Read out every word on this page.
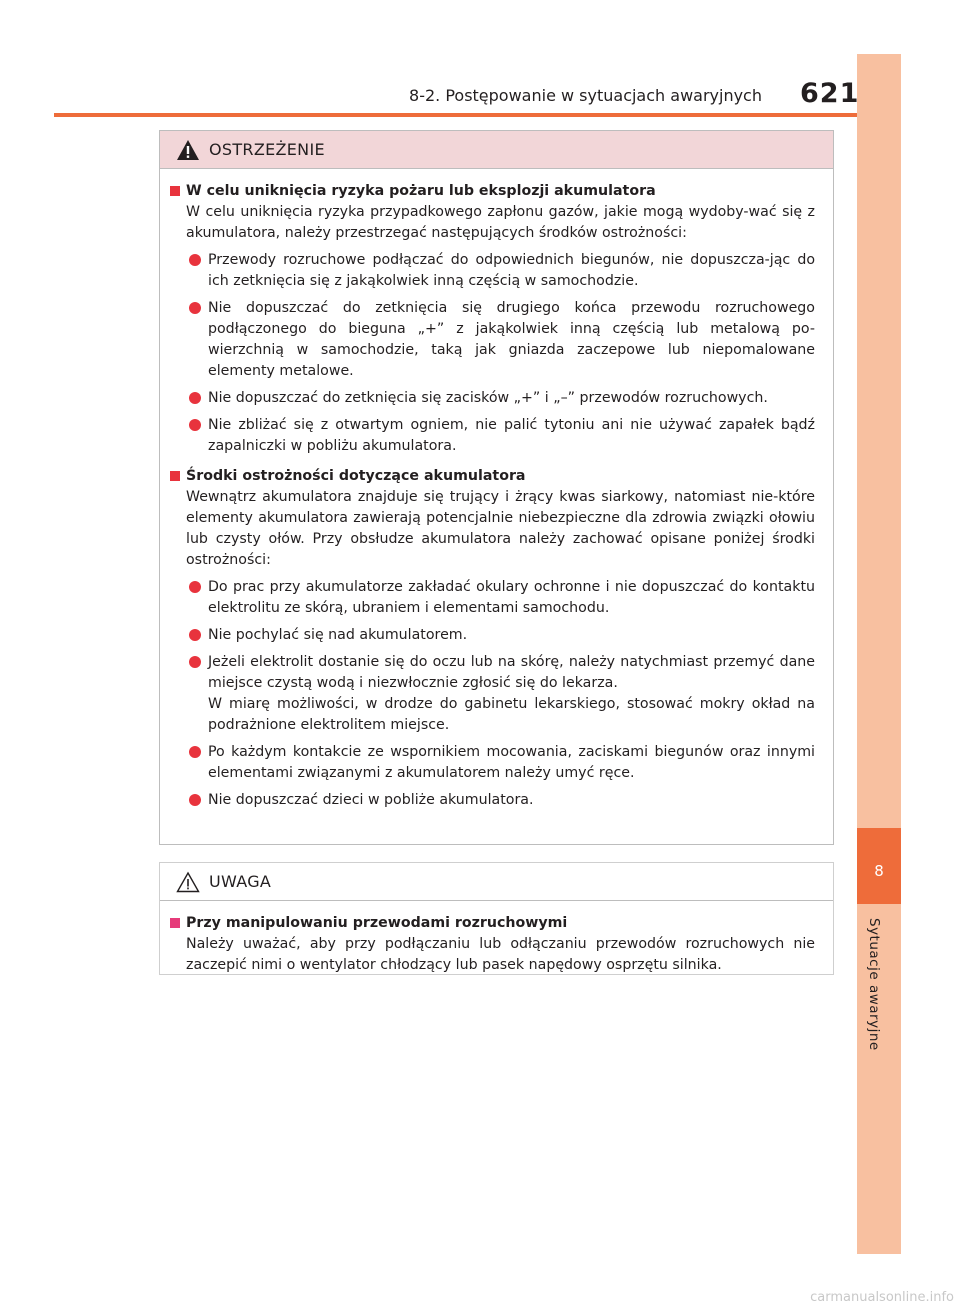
8
Sytuacje awaryjne
8-2. Postępowanie w sytuacjach awaryjnych 621
OSTRZEŻENIE
W celu uniknięcia ryzyka pożaru lub eksplozji akumulatora
W celu uniknięcia ryzyka przypadkowego zapłonu gazów, jakie mogą wydoby-wać się z akumulatora, należy przestrzegać następujących środków ostrożności:
Przewody rozruchowe podłączać do odpowiednich biegunów, nie dopuszcza-jąc do ich zetknięcia się z jakąkolwiek inną częścią w samochodzie.
Nie dopuszczać do zetknięcia się drugiego końca przewodu rozruchowego podłączonego do bieguna „+” z jakąkolwiek inną częścią lub metalową po-wierzchnią w samochodzie, taką jak gniazda zaczepowe lub niepomalowane elementy metalowe.
Nie dopuszczać do zetknięcia się zacisków „+” i „–” przewodów rozruchowych.
Nie zbliżać się z otwartym ogniem, nie palić tytoniu ani nie używać zapałek bądź zapalniczki w pobliżu akumulatora.
Środki ostrożności dotyczące akumulatora
Wewnątrz akumulatora znajduje się trujący i żrący kwas siarkowy, natomiast nie-które elementy akumulatora zawierają potencjalnie niebezpieczne dla zdrowia związki ołowiu lub czysty ołów. Przy obsłudze akumulatora należy zachować opisane poniżej środki ostrożności:
Do prac przy akumulatorze zakładać okulary ochronne i nie dopuszczać do kontaktu elektrolitu ze skórą, ubraniem i elementami samochodu.
Nie pochylać się nad akumulatorem.
Jeżeli elektrolit dostanie się do oczu lub na skórę, należy natychmiast przemyć dane miejsce czystą wodą i niezwłocznie zgłosić się do lekarza.
W miarę możliwości, w drodze do gabinetu lekarskiego, stosować mokry okład na podrażnione elektrolitem miejsce.
Po każdym kontakcie ze wspornikiem mocowania, zaciskami biegunów oraz innymi elementami związanymi z akumulatorem należy umyć ręce.
Nie dopuszczać dzieci w pobliże akumulatora.
UWAGA
Przy manipulowaniu przewodami rozruchowymi
Należy uważać, aby przy podłączaniu lub odłączaniu przewodów rozruchowych nie zaczepić nimi o wentylator chłodzący lub pasek napędowy osprzętu silnika.
carmanualsonline.info
